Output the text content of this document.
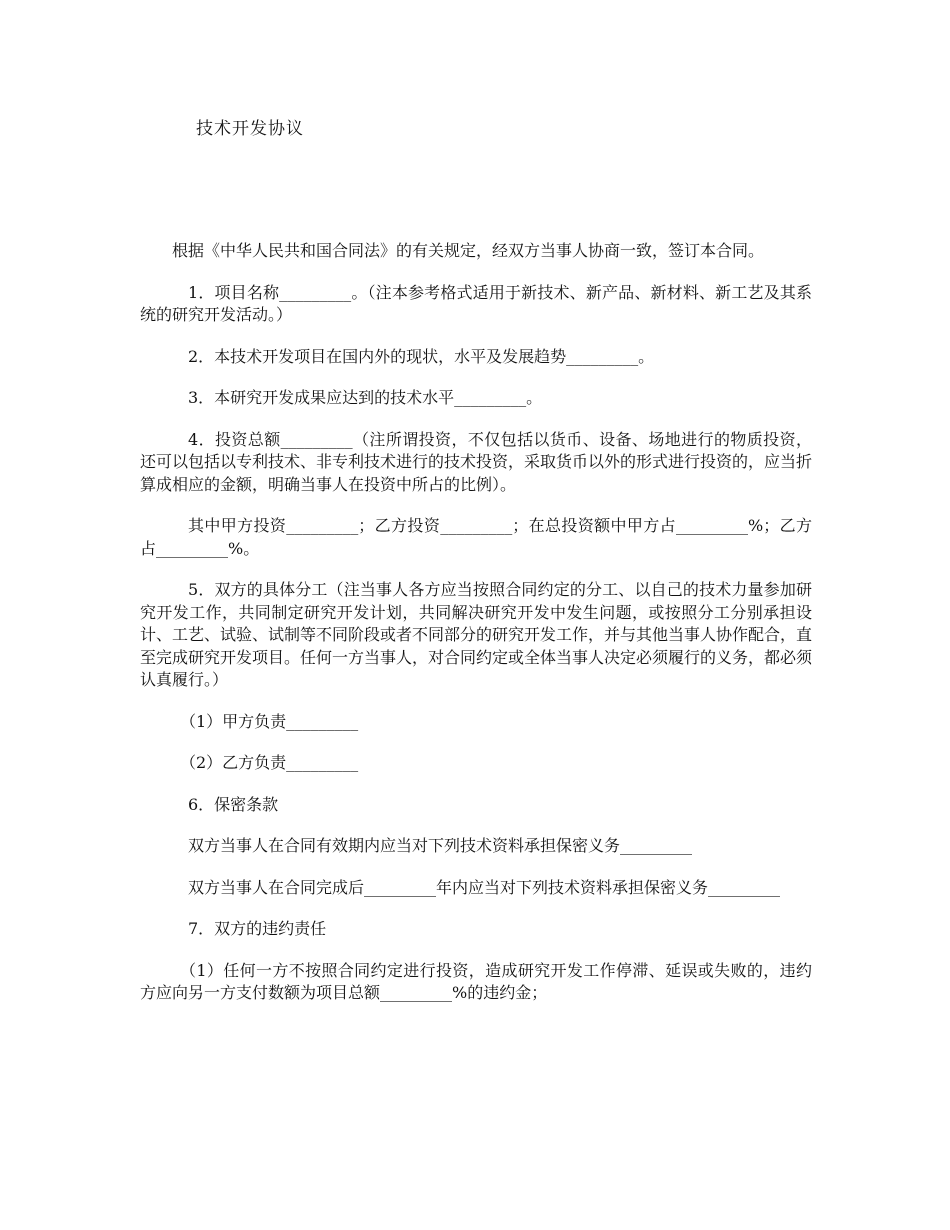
技术开发协议

根据《中华人民共和国合同法》的有关规定，经双方当事人协商一致，签订本合同。

1．项目名称_________。（注本参考格式适用于新技术、新产品、新材料、新工艺及其系统的研究开发活动。）

2．本技术开发项目在国内外的现状，水平及发展趋势_________。

3．本研究开发成果应达到的技术水平_________。

4．投资总额_________（注所谓投资，不仅包括以货币、设备、场地进行的物质投资，还可以包括以专利技术、非专利技术进行的技术投资，采取货币以外的形式进行投资的，应当折算成相应的金额，明确当事人在投资中所占的比例）。

其中甲方投资_________；乙方投资_________；在总投资额中甲方占_________%；乙方占_________%。

5．双方的具体分工（注当事人各方应当按照合同约定的分工、以自己的技术力量参加研究开发工作，共同制定研究开发计划，共同解决研究开发中发生问题，或按照分工分别承担设计、工艺、试验、试制等不同阶段或者不同部分的研究开发工作，并与其他当事人协作配合，直至完成研究开发项目。任何一方当事人，对合同约定或全体当事人决定必须履行的义务，都必须认真履行。）

（1）甲方负责_________

（2）乙方负责_________

6．保密条款

双方当事人在合同有效期内应当对下列技术资料承担保密义务_________

双方当事人在合同完成后_________年内应当对下列技术资料承担保密义务_________

7．双方的违约责任

（1）任何一方不按照合同约定进行投资，造成研究开发工作停滞、延误或失败的，违约方应向另一方支付数额为项目总额_________%的违约金；
